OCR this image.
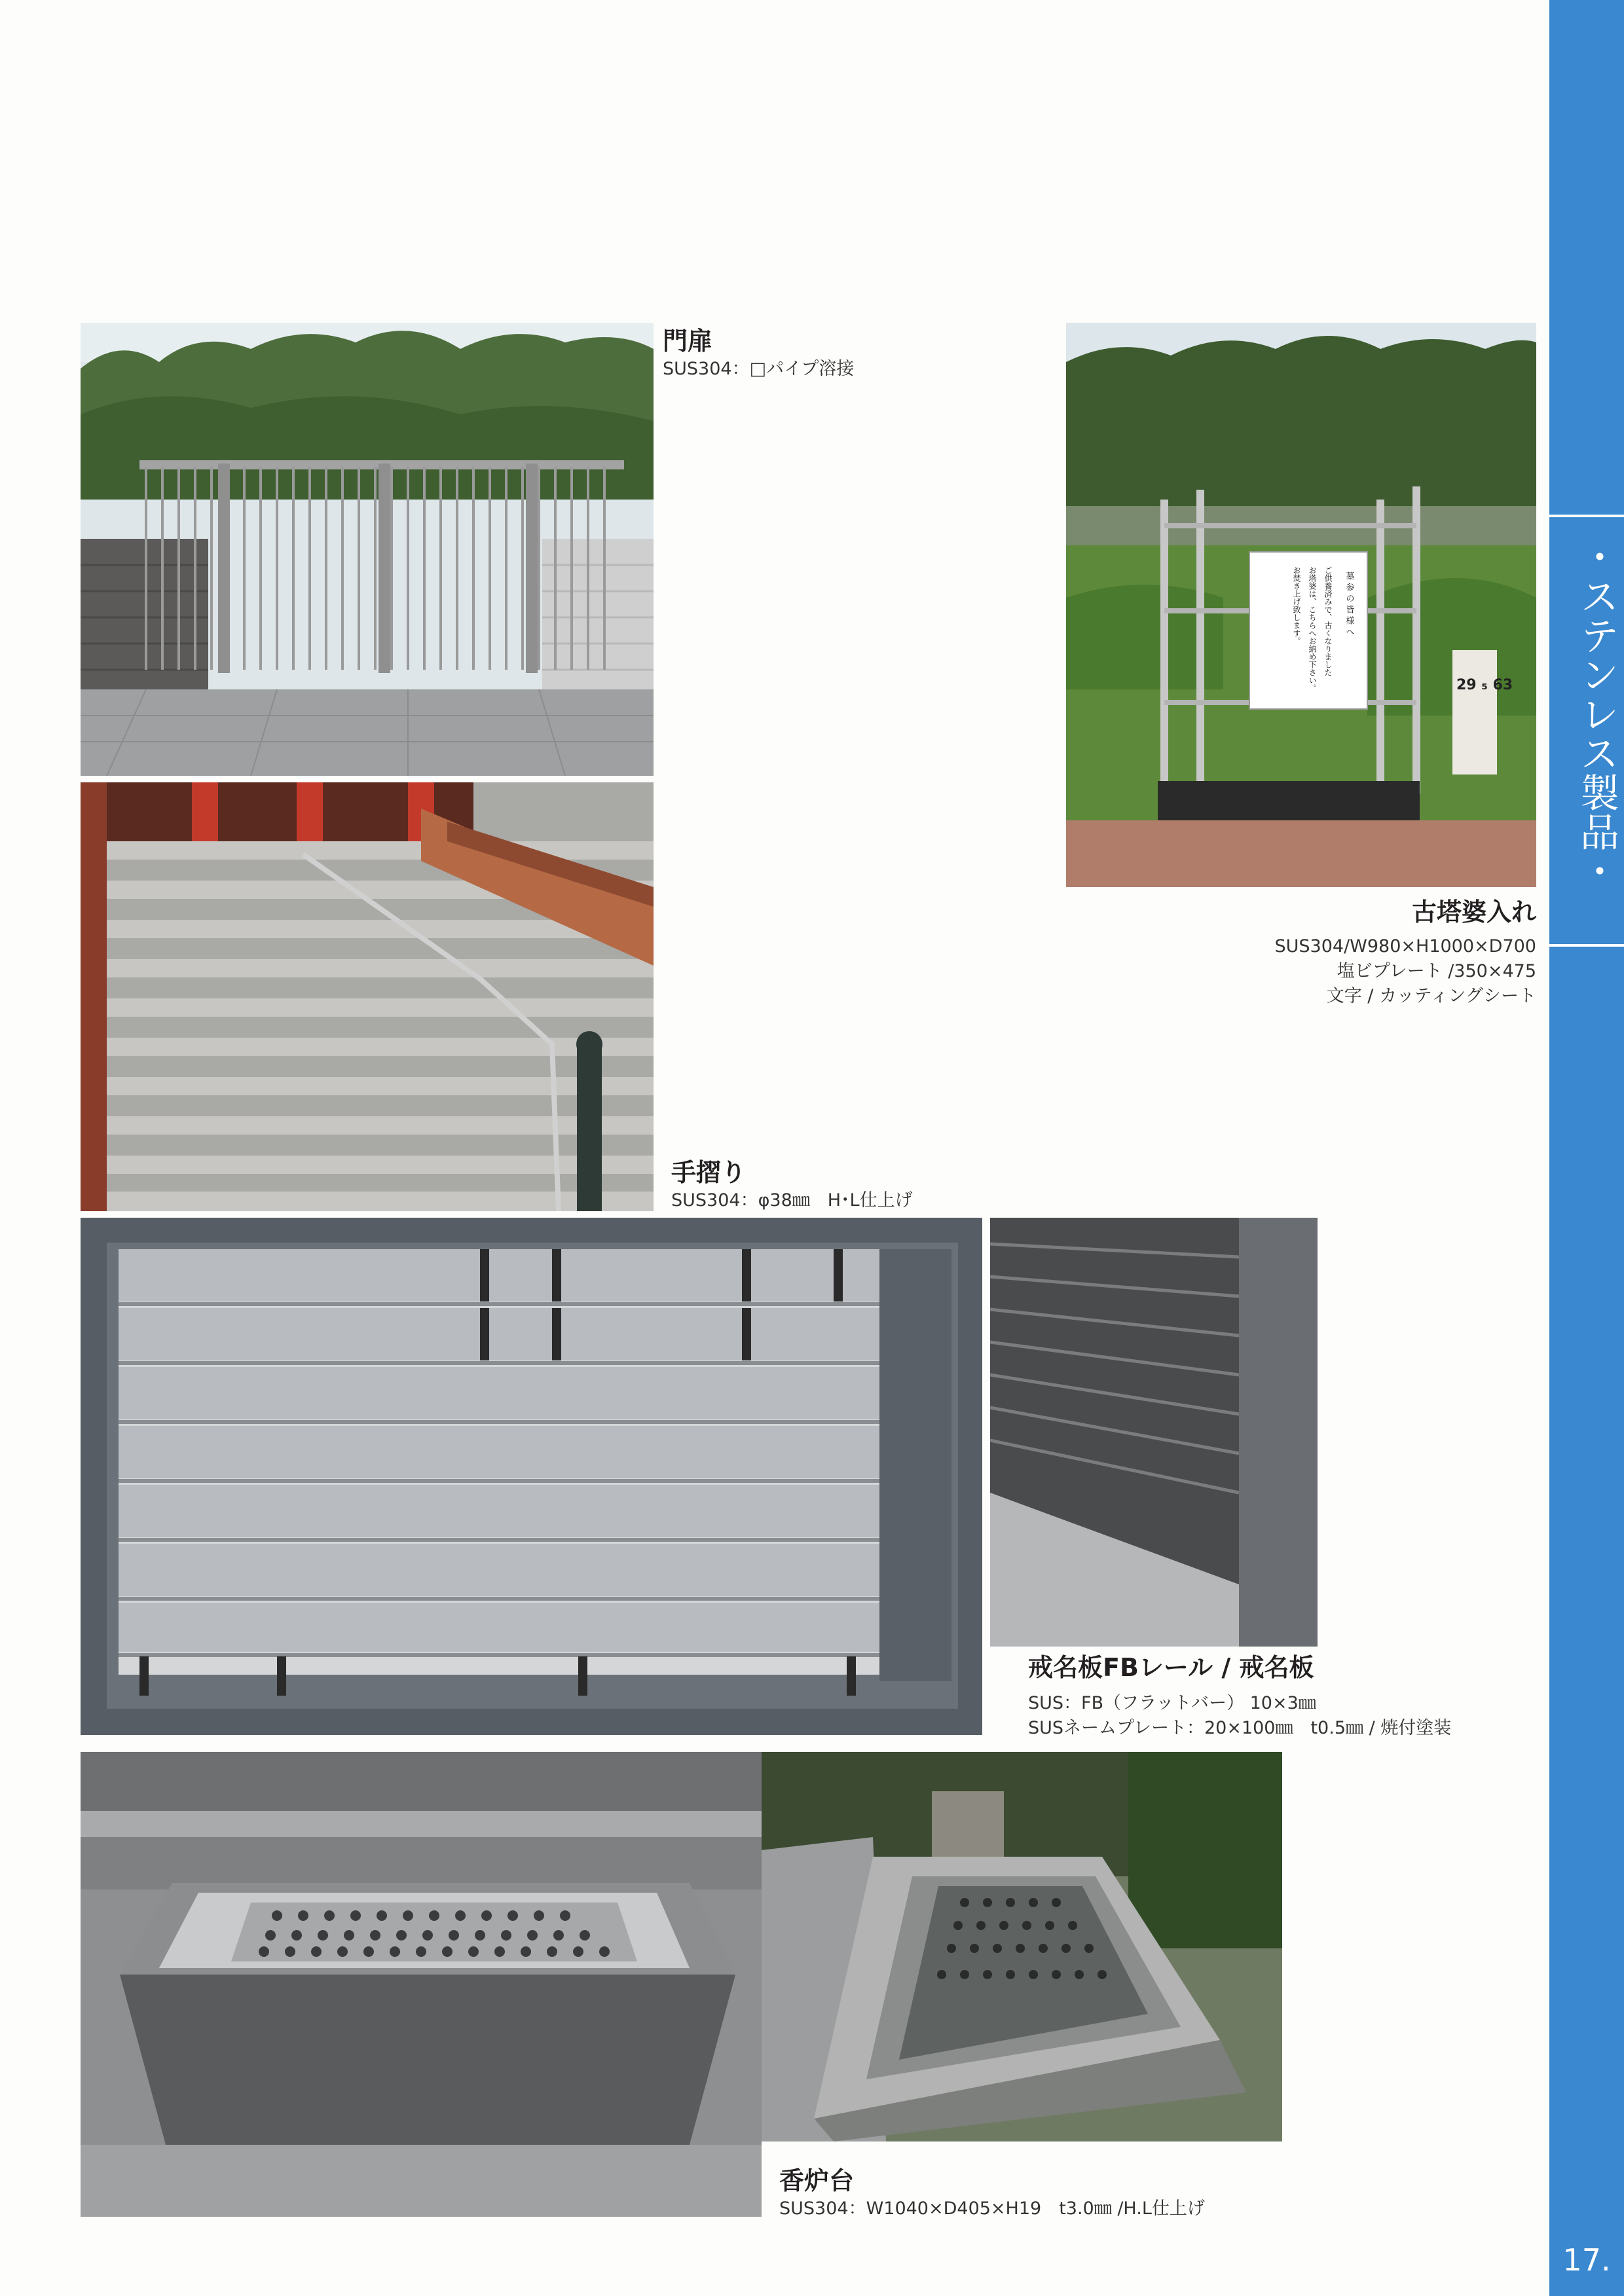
・ステンレス製品・
17.
門扉
SUS304：□パイプ溶接
墓参の皆様へ
ご供養済みで、古くなりました
お塔婆は、こちらへお納め下さい。
お焚き上げ致します。
29 ₅ 63
古塔婆入れ
SUS304/W980×H1000×D700
塩ビプレート /350×475
文字 / カッティングシート
手摺り
SUS304：φ38㎜　H･L仕上げ
戒名板FBレール / 戒名板
SUS：FB（フラットバー） 10×3㎜
SUSネームプレート：20×100㎜　t0.5㎜ / 焼付塗装
香炉台
SUS304：W1040×D405×H19　t3.0㎜ /H.L仕上げ
